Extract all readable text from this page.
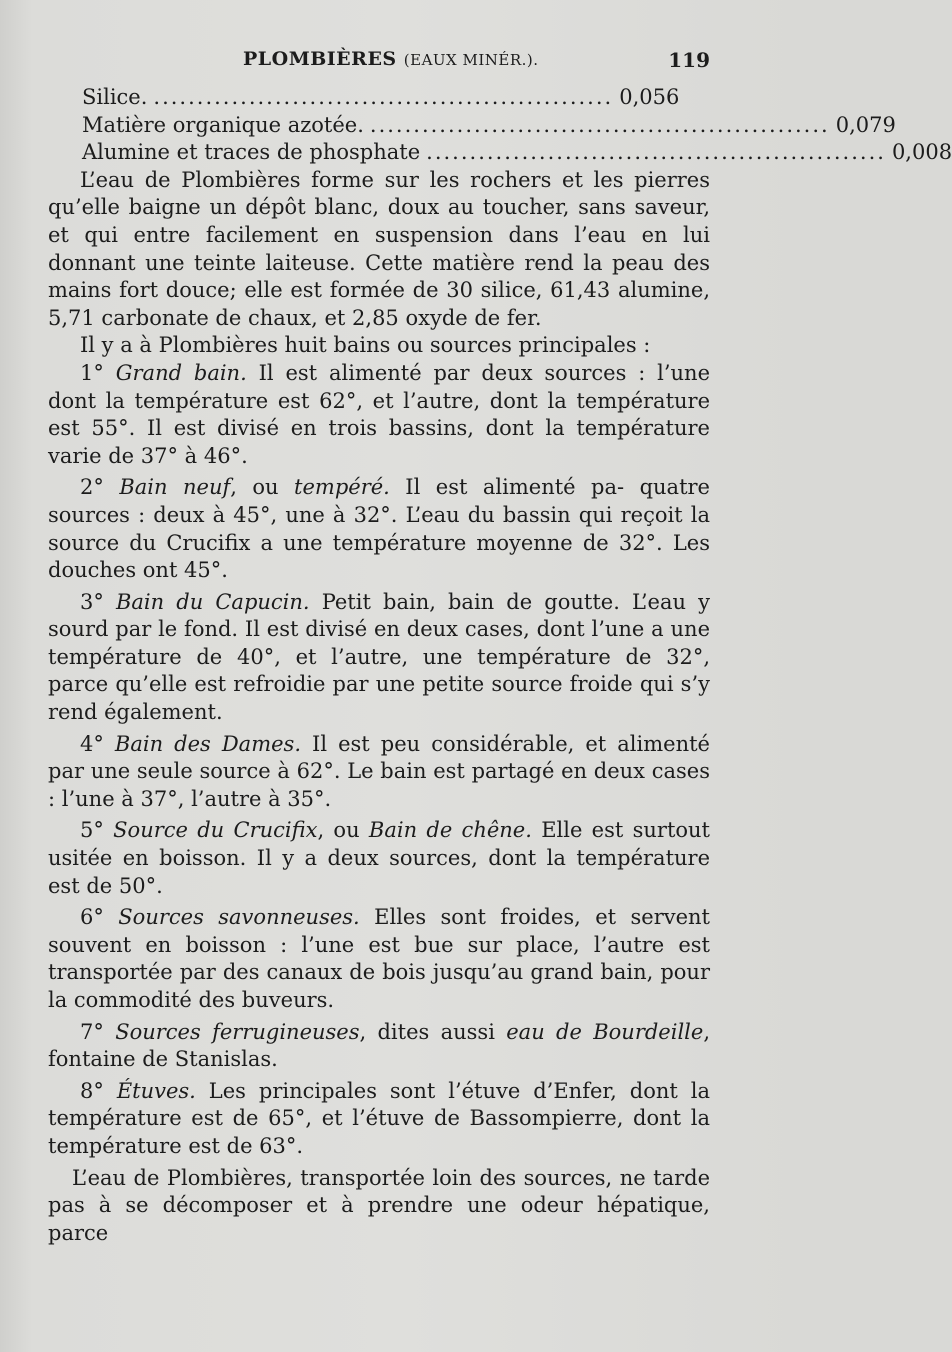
PLOMBIÈRES (EAUX MINÉR.).	119
Silice. ..................................................... 0,056
Matière organique azotée. ..................................................... 0,079
Alumine et traces de phosphate ..................................................... 0,008

L’eau de Plombières forme sur les rochers et les pierres qu’elle baigne un dépôt blanc, doux au toucher, sans saveur, et qui entre facilement en suspension dans l’eau en lui donnant une teinte laiteuse. Cette matière rend la peau des mains fort douce; elle est formée de 30 silice, 61,43 alumine, 5,71 carbonate de chaux, et 2,85 oxyde de fer.

Il y a à Plombières huit bains ou sources principales :

1° Grand bain. Il est alimenté par deux sources : l’une dont la température est 62°, et l’autre, dont la température est 55°. Il est divisé en trois bassins, dont la température varie de 37° à 46°.

2° Bain neuf, ou tempéré. Il est alimenté pa- quatre sources : deux à 45°, une à 32°. L’eau du bassin qui reçoit la source du Crucifix a une température moyenne de 32°. Les douches ont 45°.

3° Bain du Capucin. Petit bain, bain de goutte. L’eau y sourd par le fond. Il est divisé en deux cases, dont l’une a une température de 40°, et l’autre, une température de 32°, parce qu’elle est refroidie par une petite source froide qui s’y rend également.

4° Bain des Dames. Il est peu considérable, et alimenté par une seule source à 62°. Le bain est partagé en deux cases : l’une à 37°, l’autre à 35°.

5° Source du Crucifix, ou Bain de chêne. Elle est surtout usitée en boisson. Il y a deux sources, dont la température est de 50°.

6° Sources savonneuses. Elles sont froides, et servent souvent en boisson : l’une est bue sur place, l’autre est transportée par des canaux de bois jusqu’au grand bain, pour la commodité des buveurs.

7° Sources ferrugineuses, dites aussi eau de Bourdeille, fontaine de Stanislas.

8° Étuves. Les principales sont l’étuve d’Enfer, dont la température est de 65°, et l’étuve de Bassompierre, dont la température est de 63°.

L’eau de Plombières, transportée loin des sources, ne tarde pas à se décomposer et à prendre une odeur hépatique, parce
